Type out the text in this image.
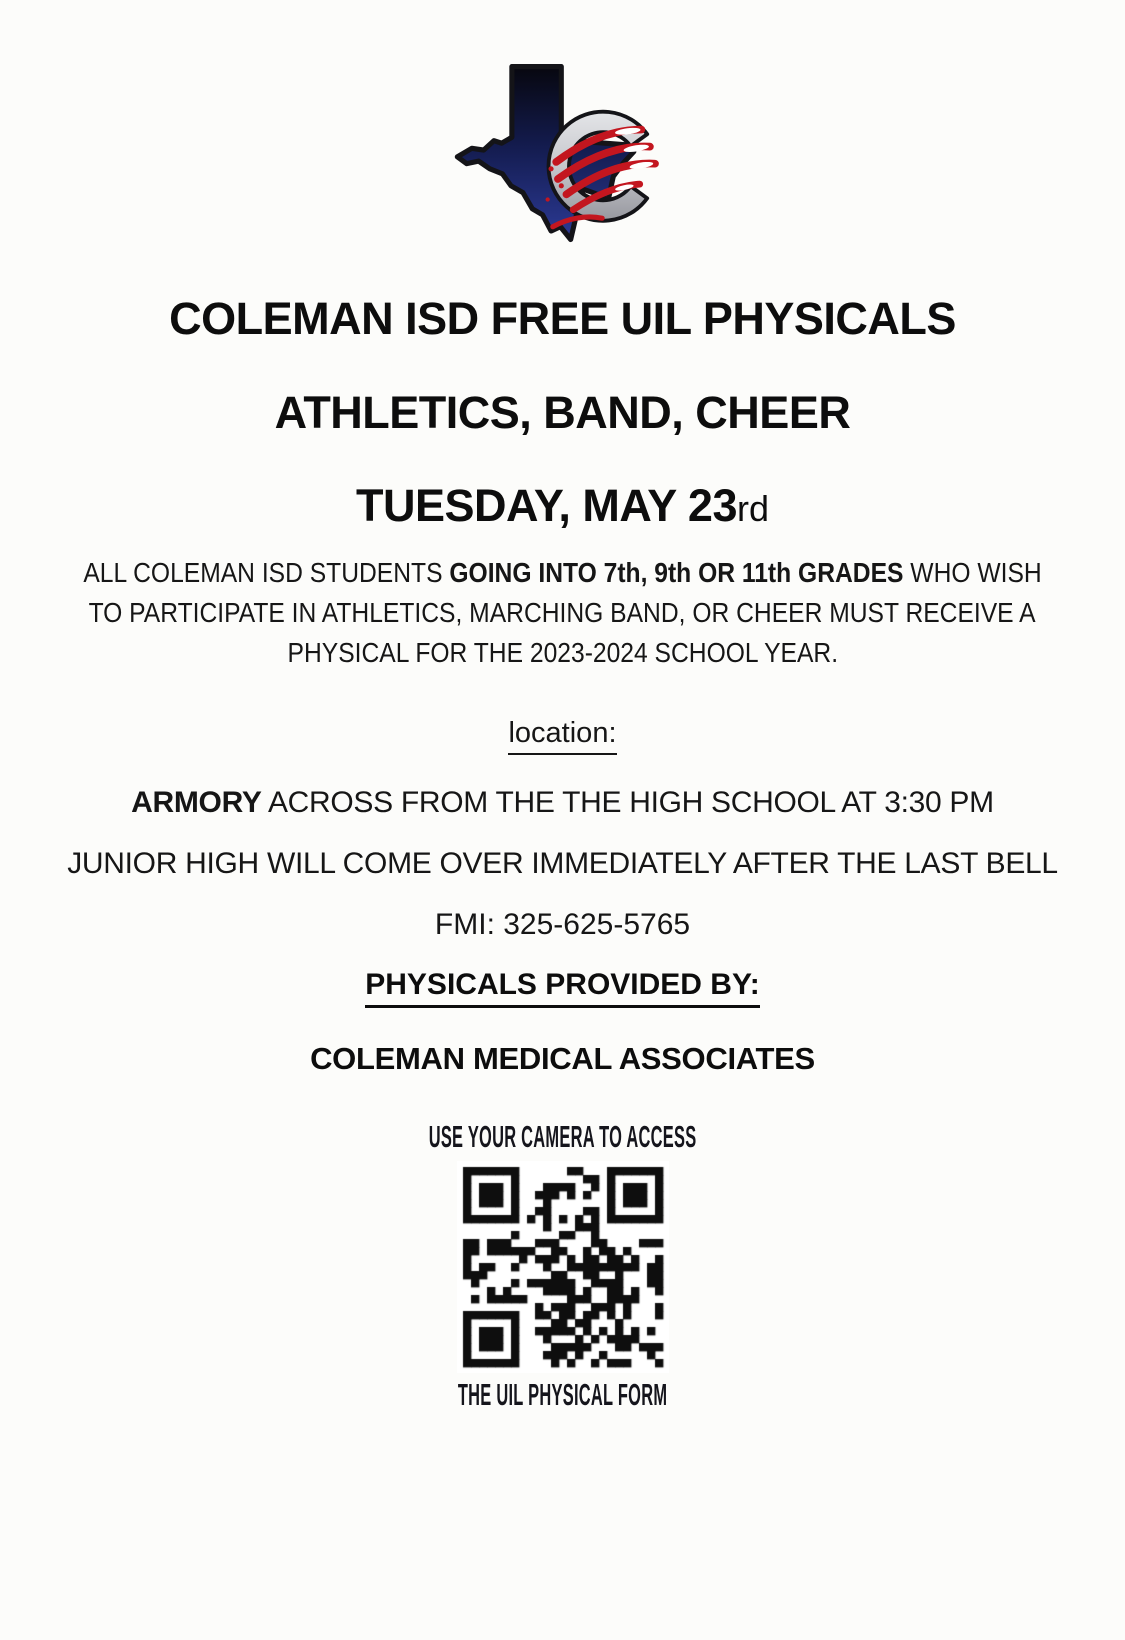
COLEMAN ISD FREE UIL PHYSICALS
ATHLETICS, BAND, CHEER
TUESDAY, MAY 23rd
ALL COLEMAN ISD STUDENTS GOING INTO 7th, 9th OR 11th GRADES WHO WISH
TO PARTICIPATE IN ATHLETICS, MARCHING BAND, OR CHEER MUST RECEIVE A
PHYSICAL FOR THE 2023-2024 SCHOOL YEAR.
location:
ARMORY ACROSS FROM THE THE HIGH SCHOOL AT 3:30 PM
JUNIOR HIGH WILL COME OVER IMMEDIATELY AFTER THE LAST BELL
FMI: 325-625-5765
PHYSICALS PROVIDED BY:
COLEMAN MEDICAL ASSOCIATES
USE YOUR CAMERA TO ACCESS
THE UIL PHYSICAL FORM
